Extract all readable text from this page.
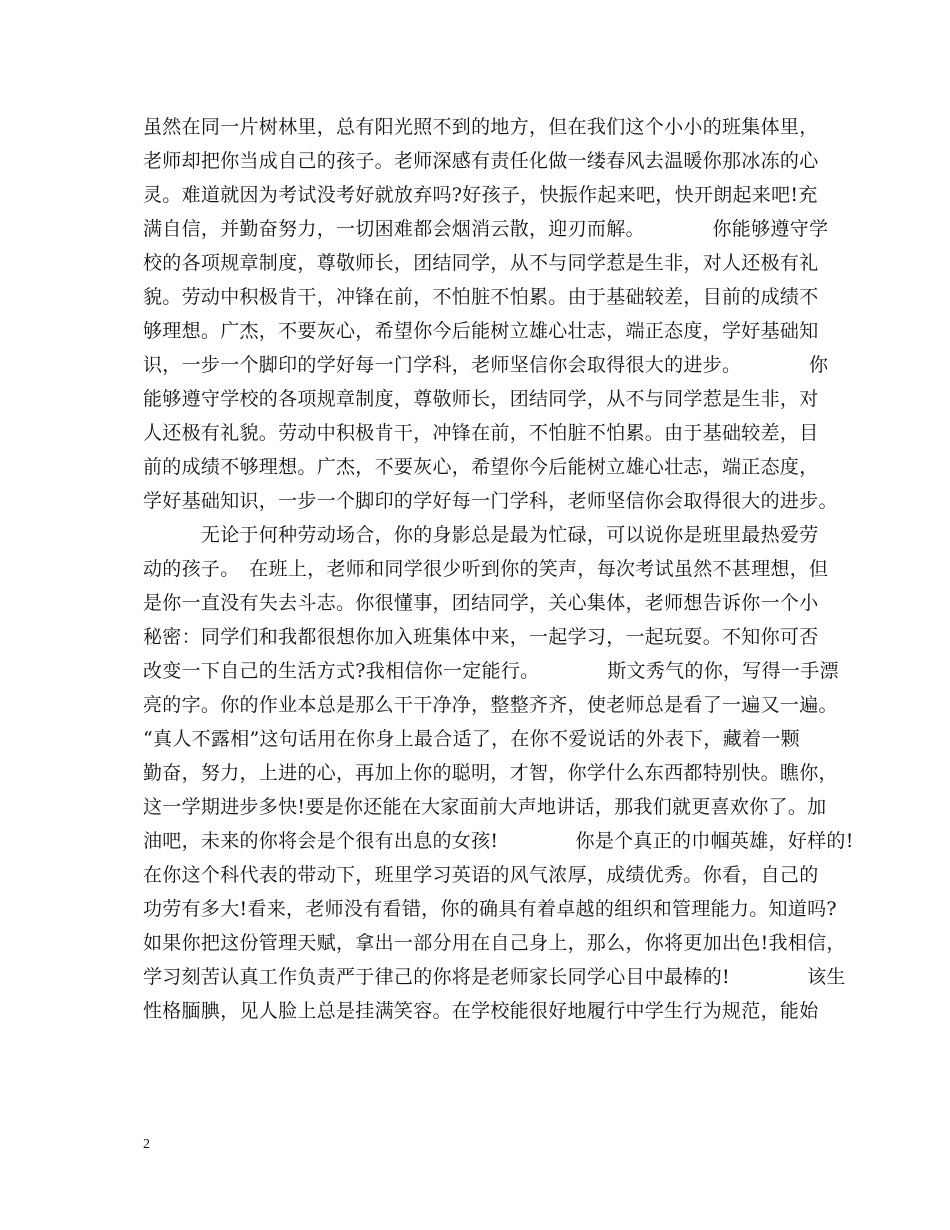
虽然在同一片树林里，总有阳光照不到的地方，但在我们这个小小的班集体里，
老师却把你当成自己的孩子。老师深感有责任化做一缕春风去温暖你那冰冻的心
灵。难道就因为考试没考好就放弃吗?好孩子，快振作起来吧，快开朗起来吧!充
满自信，并勤奋努力，一切困难都会烟消云散，迎刃而解。　　　　你能够遵守学
校的各项规章制度，尊敬师长，团结同学，从不与同学惹是生非，对人还极有礼
貌。劳动中积极肯干，冲锋在前，不怕脏不怕累。由于基础较差，目前的成绩不
够理想。广杰，不要灰心，希望你今后能树立雄心壮志，端正态度，学好基础知
识，一步一个脚印的学好每一门学科，老师坚信你会取得很大的进步。　　　　你
能够遵守学校的各项规章制度，尊敬师长，团结同学，从不与同学惹是生非，对
人还极有礼貌。劳动中积极肯干，冲锋在前，不怕脏不怕累。由于基础较差，目
前的成绩不够理想。广杰，不要灰心，希望你今后能树立雄心壮志，端正态度，
学好基础知识，一步一个脚印的学好每一门学科，老师坚信你会取得很大的进步。
　　　无论于何种劳动场合，你的身影总是最为忙碌，可以说你是班里最热爱劳
动的孩子。　在班上，老师和同学很少听到你的笑声，每次考试虽然不甚理想，但
是你一直没有失去斗志。你很懂事，团结同学，关心集体，老师想告诉你一个小
秘密：同学们和我都很想你加入班集体中来，一起学习，一起玩耍。不知你可否
改变一下自己的生活方式?我相信你一定能行。　　　　斯文秀气的你，写得一手漂
亮的字。你的作业本总是那么干干净净，整整齐齐，使老师总是看了一遍又一遍。
“真人不露相”这句话用在你身上最合适了，在你不爱说话的外表下，藏着一颗
勤奋，努力，上进的心，再加上你的聪明，才智，你学什么东西都特别快。瞧你，
这一学期进步多快!要是你还能在大家面前大声地讲话，那我们就更喜欢你了。加
油吧，未来的你将会是个很有出息的女孩!　　　　你是个真正的巾帼英雄，好样的!
在你这个科代表的带动下，班里学习英语的风气浓厚，成绩优秀。你看，自己的
功劳有多大!看来，老师没有看错，你的确具有着卓越的组织和管理能力。知道吗?
如果你把这份管理天赋，拿出一部分用在自己身上，那么，你将更加出色!我相信，
学习刻苦认真工作负责严于律己的你将是老师家长同学心目中最棒的!　　　　该生
性格腼腆，见人脸上总是挂满笑容。在学校能很好地履行中学生行为规范，能始
2
